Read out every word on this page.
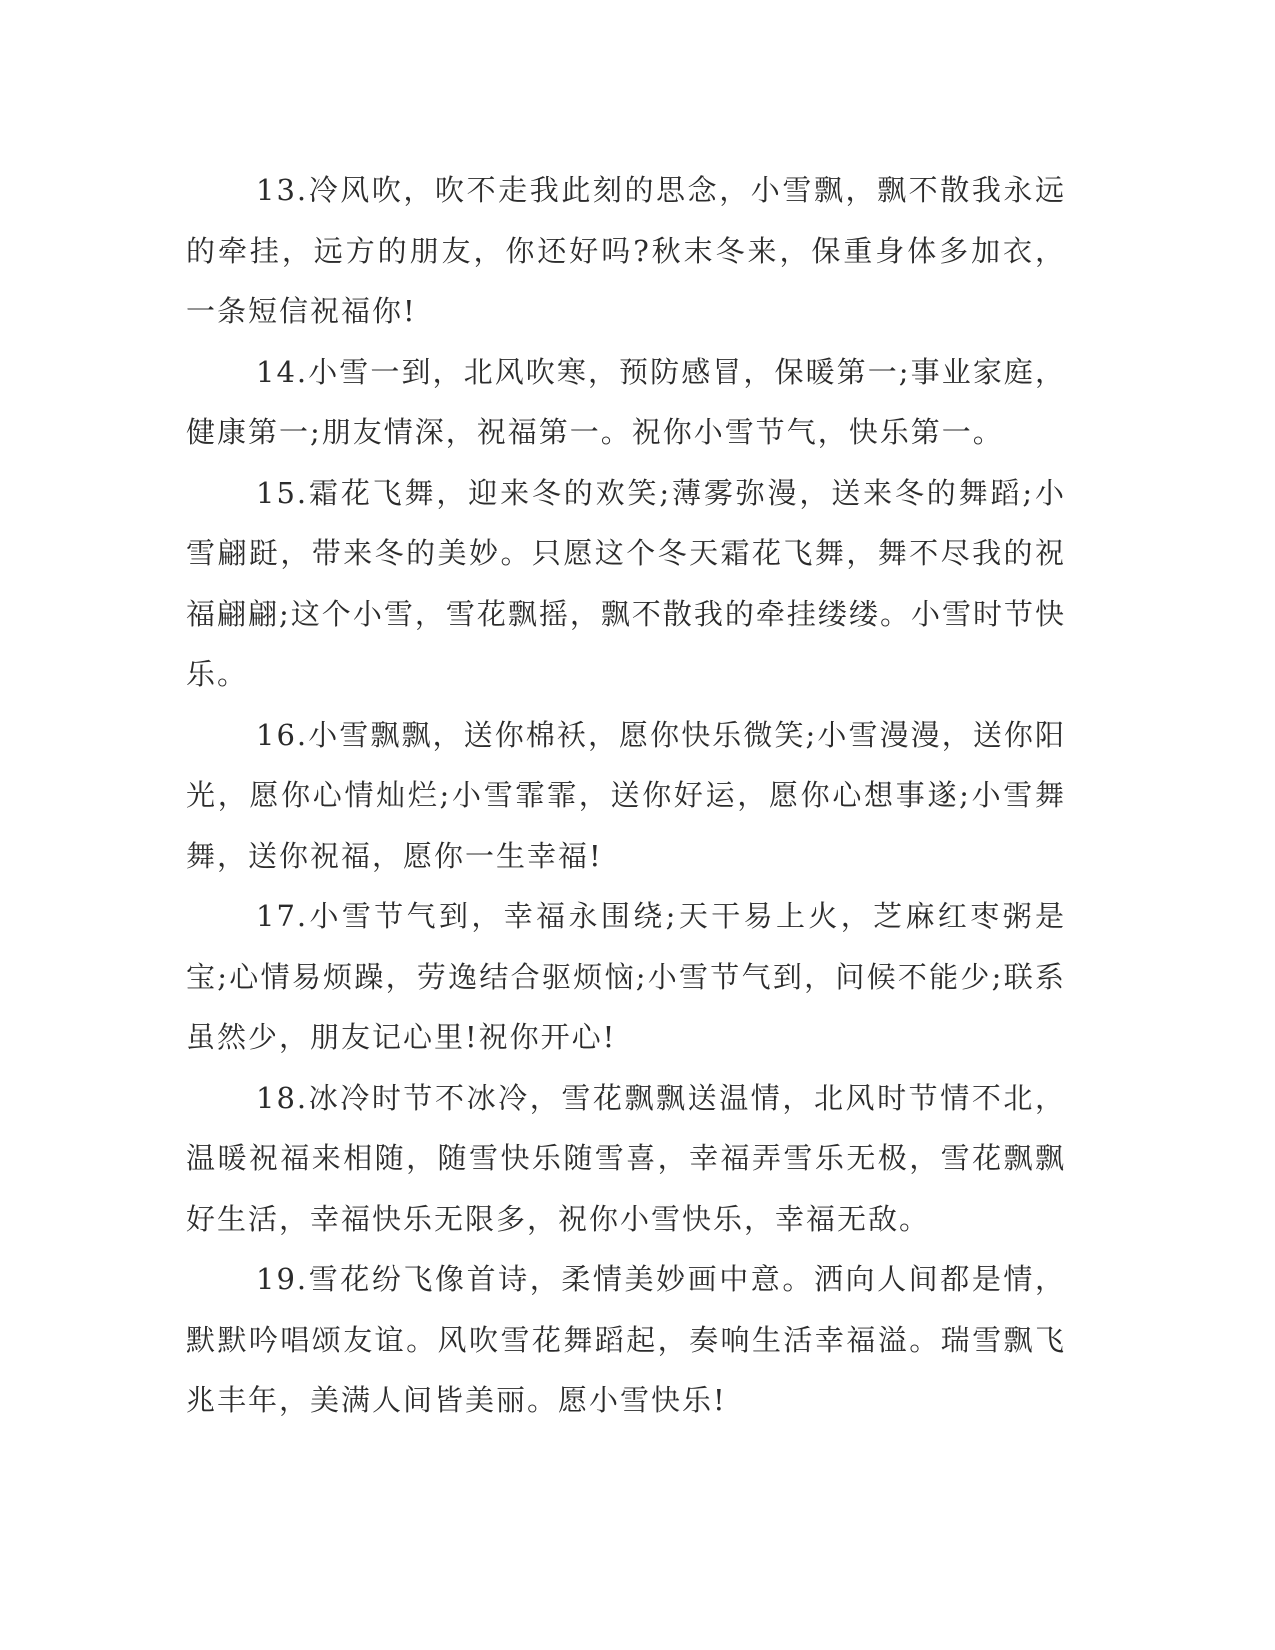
13.冷风吹，吹不走我此刻的思念，小雪飘，飘不散我永远的牵挂，远方的朋友，你还好吗?秋末冬来，保重身体多加衣，一条短信祝福你!

14.小雪一到，北风吹寒，预防感冒，保暖第一;事业家庭，健康第一;朋友情深，祝福第一。祝你小雪节气，快乐第一。

15.霜花飞舞，迎来冬的欢笑;薄雾弥漫，送来冬的舞蹈;小雪翩跹，带来冬的美妙。只愿这个冬天霜花飞舞，舞不尽我的祝福翩翩;这个小雪，雪花飘摇，飘不散我的牵挂缕缕。小雪时节快乐。

16.小雪飘飘，送你棉袄，愿你快乐微笑;小雪漫漫，送你阳光，愿你心情灿烂;小雪霏霏，送你好运，愿你心想事遂;小雪舞舞，送你祝福，愿你一生幸福!

17.小雪节气到，幸福永围绕;天干易上火，芝麻红枣粥是宝;心情易烦躁，劳逸结合驱烦恼;小雪节气到，问候不能少;联系虽然少，朋友记心里!祝你开心!

18.冰冷时节不冰冷，雪花飘飘送温情，北风时节情不北，温暖祝福来相随，随雪快乐随雪喜，幸福弄雪乐无极，雪花飘飘好生活，幸福快乐无限多，祝你小雪快乐，幸福无敌。

19.雪花纷飞像首诗，柔情美妙画中意。洒向人间都是情，默默吟唱颂友谊。风吹雪花舞蹈起，奏响生活幸福溢。瑞雪飘飞兆丰年，美满人间皆美丽。愿小雪快乐!
